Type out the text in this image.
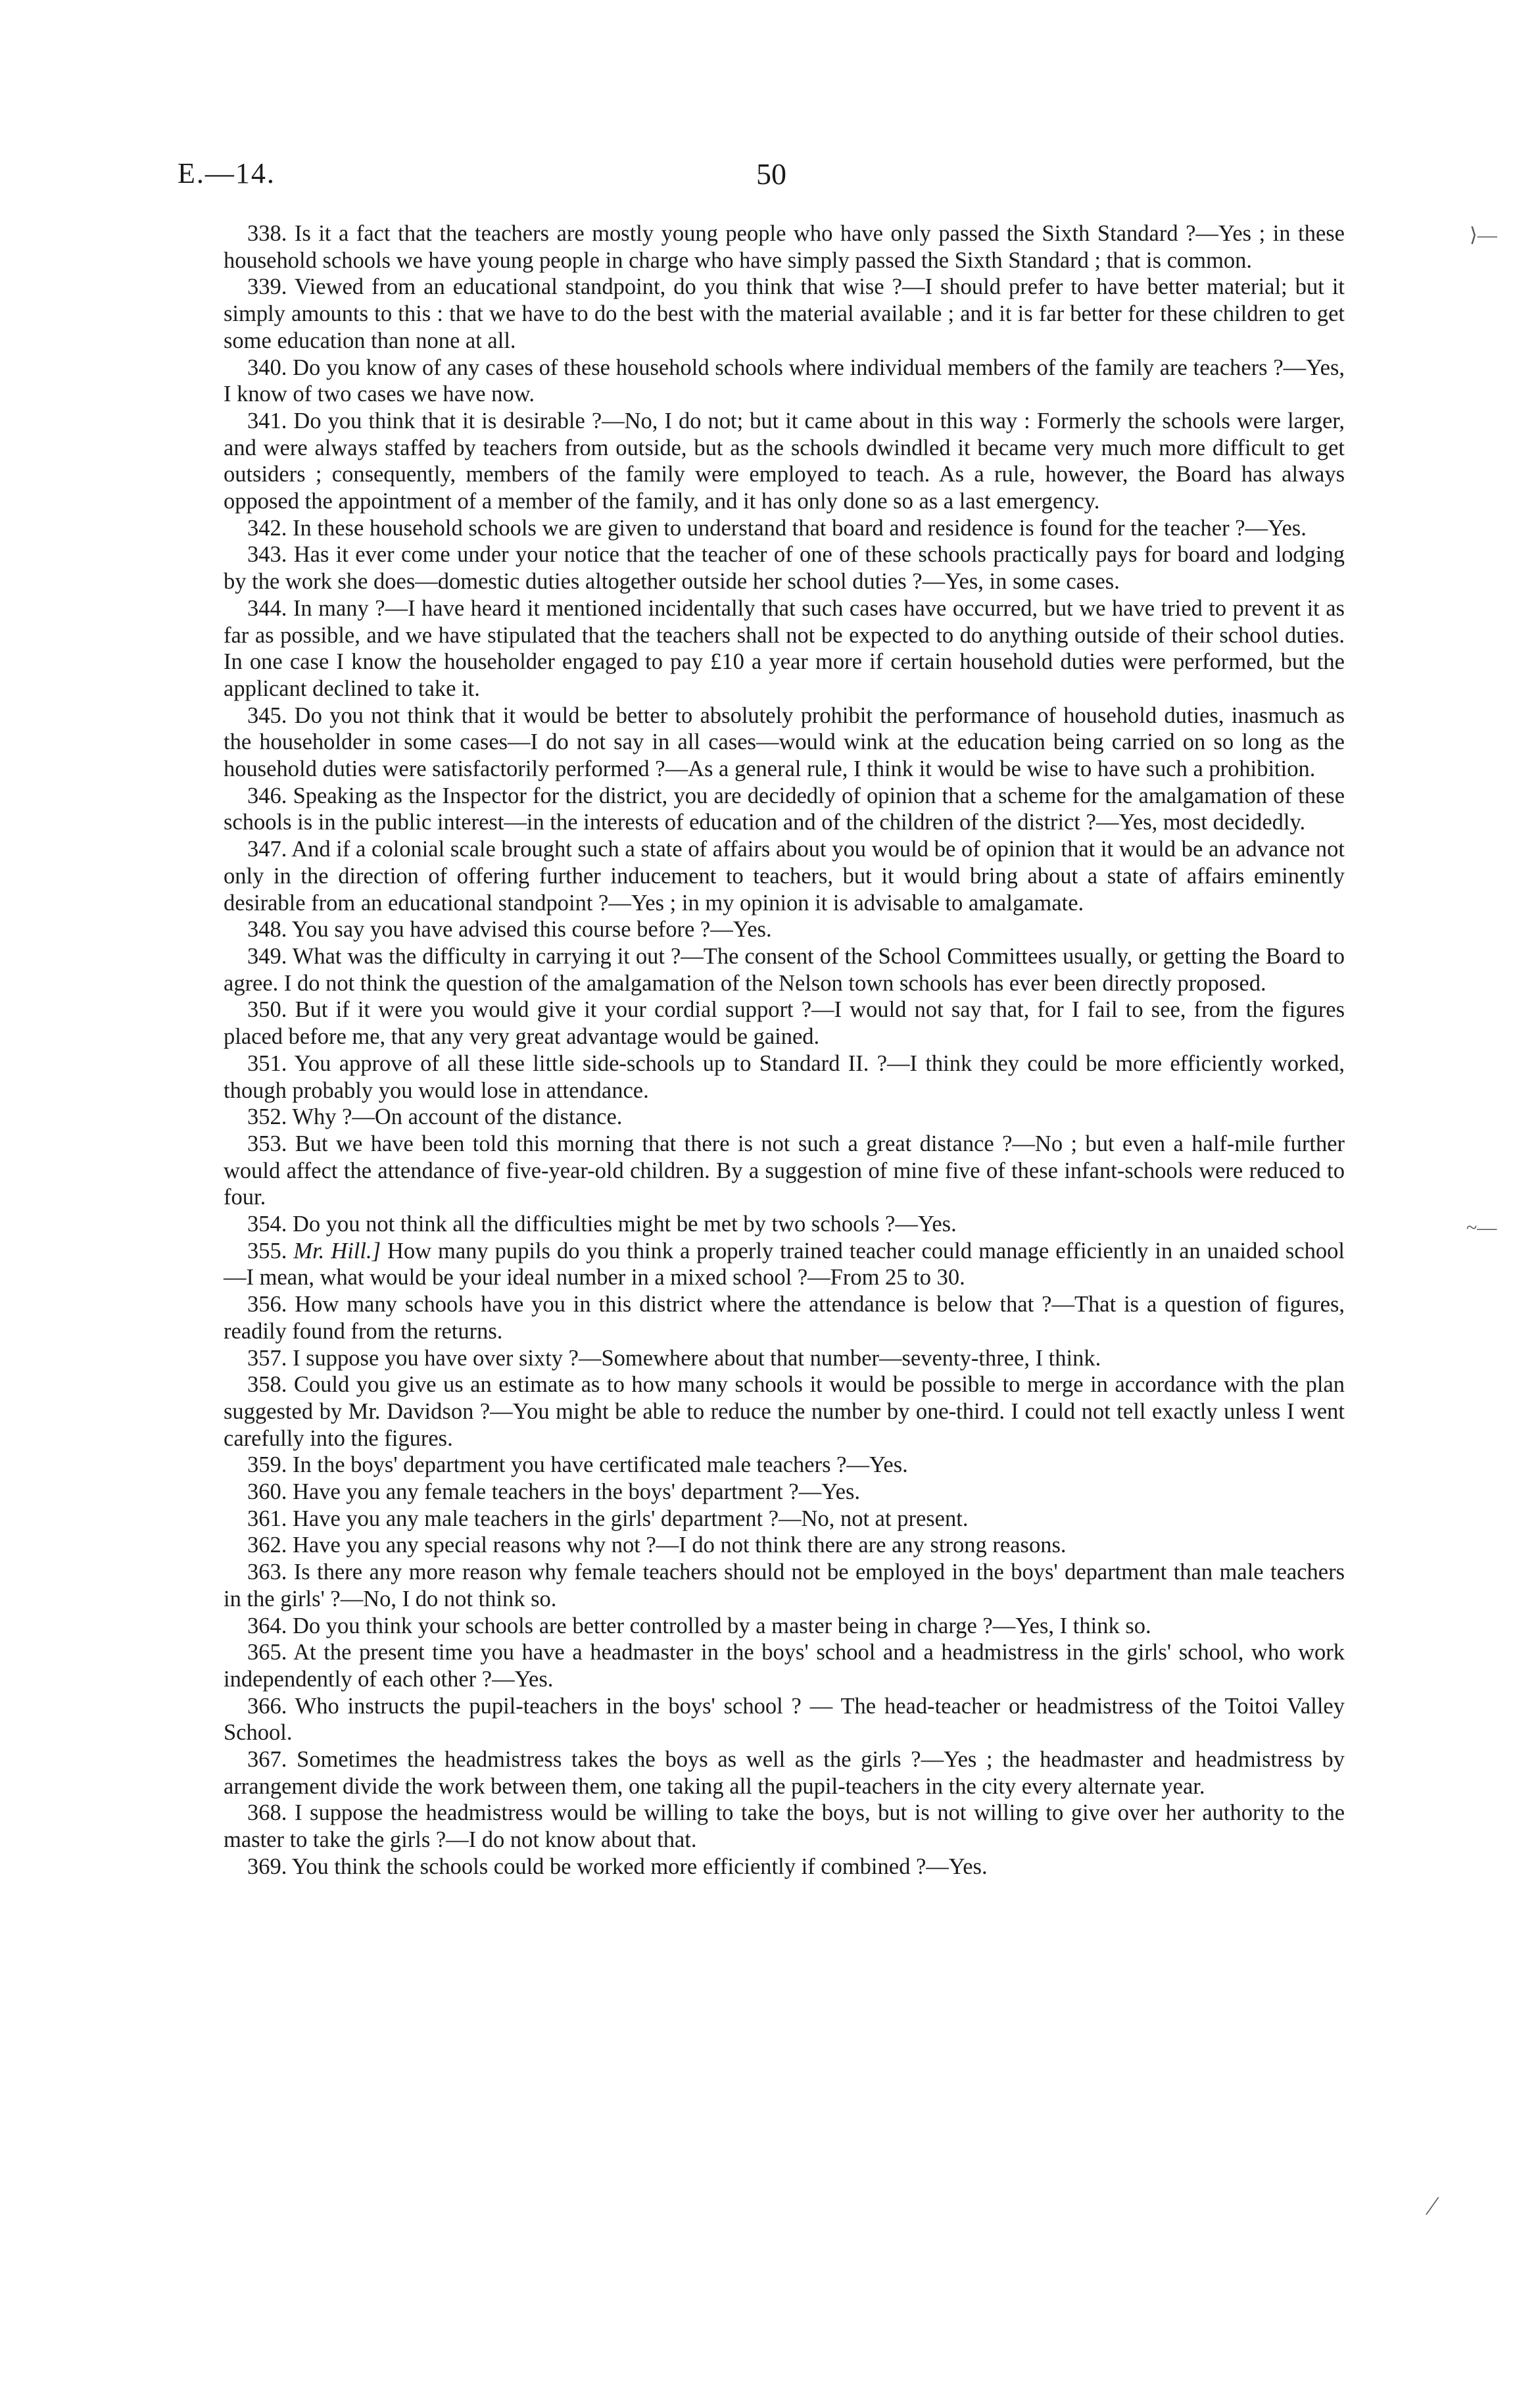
E.—14.	50

338. Is it a fact that the teachers are mostly young people who have only passed the Sixth Standard ?—Yes ; in these household schools we have young people in charge who have simply passed the Sixth Standard ; that is common.

339. Viewed from an educational standpoint, do you think that wise ?—I should prefer to have better material; but it simply amounts to this : that we have to do the best with the material available ; and it is far better for these children to get some education than none at all.

340. Do you know of any cases of these household schools where individual members of the family are teachers ?—Yes, I know of two cases we have now.

341. Do you think that it is desirable ?—No, I do not; but it came about in this way : Formerly the schools were larger, and were always staffed by teachers from outside, but as the schools dwindled it became very much more difficult to get outsiders ; consequently, members of the family were employed to teach. As a rule, however, the Board has always opposed the appointment of a member of the family, and it has only done so as a last emergency.

342. In these household schools we are given to understand that board and residence is found for the teacher ?—Yes.

343. Has it ever come under your notice that the teacher of one of these schools practically pays for board and lodging by the work she does—domestic duties altogether outside her school duties ?—Yes, in some cases.

344. In many ?—I have heard it mentioned incidentally that such cases have occurred, but we have tried to prevent it as far as possible, and we have stipulated that the teachers shall not be expected to do anything outside of their school duties. In one case I know the householder engaged to pay £10 a year more if certain household duties were performed, but the applicant declined to take it.

345. Do you not think that it would be better to absolutely prohibit the performance of household duties, inasmuch as the householder in some cases—I do not say in all cases—would wink at the education being carried on so long as the household duties were satisfactorily performed ?—As a general rule, I think it would be wise to have such a prohibition.

346. Speaking as the Inspector for the district, you are decidedly of opinion that a scheme for the amalgamation of these schools is in the public interest—in the interests of education and of the children of the district ?—Yes, most decidedly.

347. And if a colonial scale brought such a state of affairs about you would be of opinion that it would be an advance not only in the direction of offering further inducement to teachers, but it would bring about a state of affairs eminently desirable from an educational standpoint ?—Yes ; in my opinion it is advisable to amalgamate.

348. You say you have advised this course before ?—Yes.

349. What was the difficulty in carrying it out ?—The consent of the School Committees usually, or getting the Board to agree. I do not think the question of the amalgamation of the Nelson town schools has ever been directly proposed.

350. But if it were you would give it your cordial support ?—I would not say that, for I fail to see, from the figures placed before me, that any very great advantage would be gained.

351. You approve of all these little side-schools up to Standard II. ?—I think they could be more efficiently worked, though probably you would lose in attendance.

352. Why ?—On account of the distance.

353. But we have been told this morning that there is not such a great distance ?—No ; but even a half-mile further would affect the attendance of five-year-old children. By a suggestion of mine five of these infant-schools were reduced to four.

354. Do you not think all the difficulties might be met by two schools ?—Yes.

355. Mr. Hill.] How many pupils do you think a properly trained teacher could manage efficiently in an unaided school—I mean, what would be your ideal number in a mixed school ?—From 25 to 30.

356. How many schools have you in this district where the attendance is below that ?—That is a question of figures, readily found from the returns.

357. I suppose you have over sixty ?—Somewhere about that number—seventy-three, I think.

358. Could you give us an estimate as to how many schools it would be possible to merge in accordance with the plan suggested by Mr. Davidson ?—You might be able to reduce the number by one-third. I could not tell exactly unless I went carefully into the figures.

359. In the boys' department you have certificated male teachers ?—Yes.

360. Have you any female teachers in the boys' department ?—Yes.

361. Have you any male teachers in the girls' department ?—No, not at present.

362. Have you any special reasons why not ?—I do not think there are any strong reasons.

363. Is there any more reason why female teachers should not be employed in the boys' department than male teachers in the girls' ?—No, I do not think so.

364. Do you think your schools are better controlled by a master being in charge ?—Yes, I think so.

365. At the present time you have a headmaster in the boys' school and a headmistress in the girls' school, who work independently of each other ?—Yes.

366. Who instructs the pupil-teachers in the boys' school ? — The head-teacher or headmistress of the Toitoi Valley School.

367. Sometimes the headmistress takes the boys as well as the girls ?—Yes ; the headmaster and headmistress by arrangement divide the work between them, one taking all the pupil-teachers in the city every alternate year.

368. I suppose the headmistress would be willing to take the boys, but is not willing to give over her authority to the master to take the girls ?—I do not know about that.

369. You think the schools could be worked more efficiently if combined ?—Yes.

⟩—
~—
⁄
